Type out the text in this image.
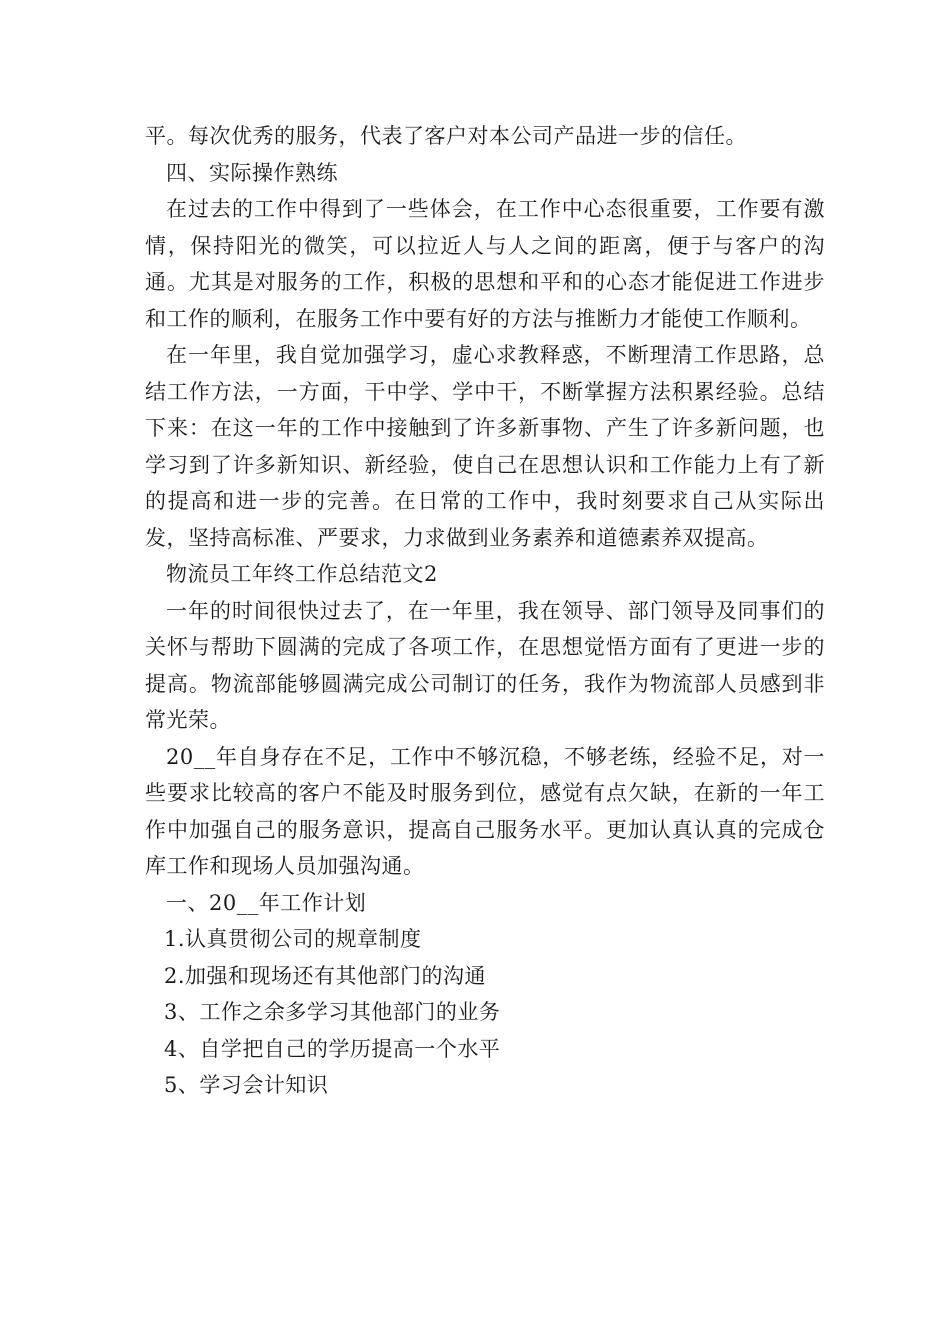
平。每次优秀的服务，代表了客户对本公司产品进一步的信任。

四、实际操作熟练

在过去的工作中得到了一些体会，在工作中心态很重要，工作要有激情，保持阳光的微笑，可以拉近人与人之间的距离，便于与客户的沟通。尤其是对服务的工作，积极的思想和平和的心态才能促进工作进步和工作的顺利，在服务工作中要有好的方法与推断力才能使工作顺利。

在一年里，我自觉加强学习，虚心求教释惑，不断理清工作思路，总结工作方法，一方面，干中学、学中干，不断掌握方法积累经验。总结下来：在这一年的工作中接触到了许多新事物、产生了许多新问题，也学习到了许多新知识、新经验，使自己在思想认识和工作能力上有了新的提高和进一步的完善。在日常的工作中，我时刻要求自己从实际出发，坚持高标准、严要求，力求做到业务素养和道德素养双提高。

物流员工年终工作总结范文2

一年的时间很快过去了，在一年里，我在领导、部门领导及同事们的关怀与帮助下圆满的完成了各项工作，在思想觉悟方面有了更进一步的提高。物流部能够圆满完成公司制订的任务，我作为物流部人员感到非常光荣。

20__年自身存在不足，工作中不够沉稳，不够老练，经验不足，对一些要求比较高的客户不能及时服务到位，感觉有点欠缺，在新的一年工作中加强自己的服务意识，提高自己服务水平。更加认真认真的完成仓库工作和现场人员加强沟通。

一、20__年工作计划

1.认真贯彻公司的规章制度

2.加强和现场还有其他部门的沟通

3、工作之余多学习其他部门的业务

4、自学把自己的学历提高一个水平

5、学习会计知识
